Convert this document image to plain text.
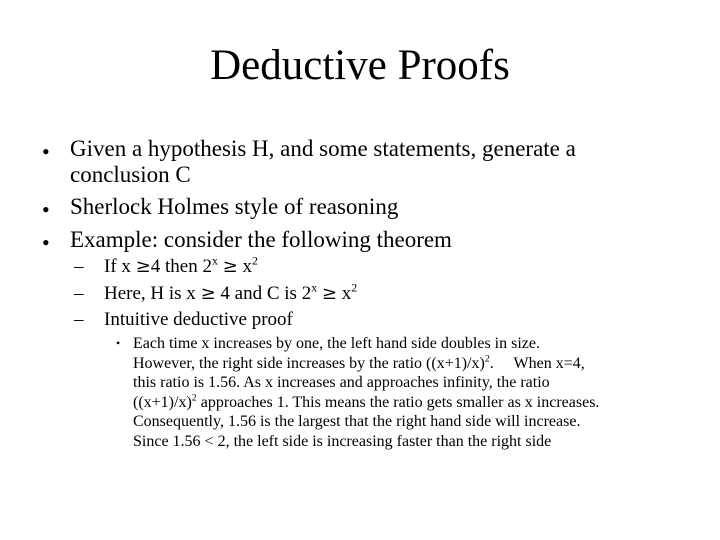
Deductive Proofs
• Given a hypothesis H, and some statements, generate a
conclusion C
• Sherlock Holmes style of reasoning
• Example: consider the following theorem
– If x ≥4 then $2^x \ge x^2$
– Here, H is x ≥ 4 and C is $2^x \ge x^2$
– Intuitive deductive proof
• Each time x increases by one, the left hand side doubles in size.
However, the right side increases by the ratio $((x+1)/x)^2$.     When x=4,
this ratio is 1.56. As x increases and approaches infinity, the ratio
$((x+1)/x)^2$ approaches 1. This means the ratio gets smaller as x increases.
Consequently, 1.56 is the largest that the right hand side will increase.
Since 1.56 < 2, the left side is increasing faster than the right side
